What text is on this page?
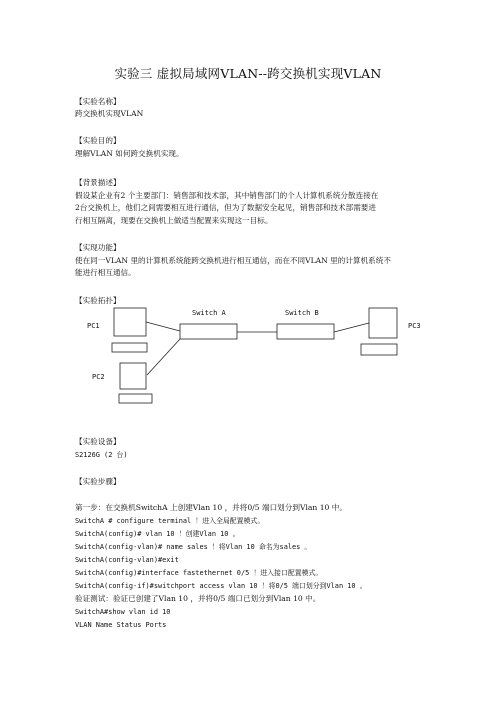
实验三 虚拟局域网VLAN--跨交换机实现VLAN
【实验名称】
跨交换机实现VLAN
【实验目的】
理解VLAN 如何跨交换机实现。
【背景描述】
假设某企业有2 个主要部门：销售部和技术部，其中销售部门的个人计算机系统分散连接在
2台交换机上，他们之间需要相互进行通信，但为了数据安全起见，销售部和技术部需要进
行相互隔离，现要在交换机上做适当配置来实现这一目标。
【实现功能】
使在同一VLAN 里的计算机系统能跨交换机进行相互通信，而在不同VLAN 里的计算机系统不
能进行相互通信。
【实验拓扑】
Switch A	Switch B
PC1	PC3
PC2
【实验设备】
S2126G (2 台)
【实验步骤】
第一步：在交换机SwitchA 上创建Vlan 10 ，并将0/5 端口划分到Vlan 10 中。
SwitchA # configure terminal ！进入全局配置模式。
SwitchA(config)# vlan 10 ！创建Vlan 10 。
SwitchA(config-vlan)# name sales ！将Vlan 10 命名为sales 。
SwitchA(config-vlan)#exit
SwitchA(config)#interface fastethernet 0/5 ！进入接口配置模式。
SwitchA(config-if)#switchport access vlan 10 ！将0/5 端口划分到Vlan 10 。
验证测试：验证已创建了Vlan 10 ，并将0/5 端口已划分到Vlan 10 中。
SwitchA#show vlan id 10
VLAN Name Status Ports
